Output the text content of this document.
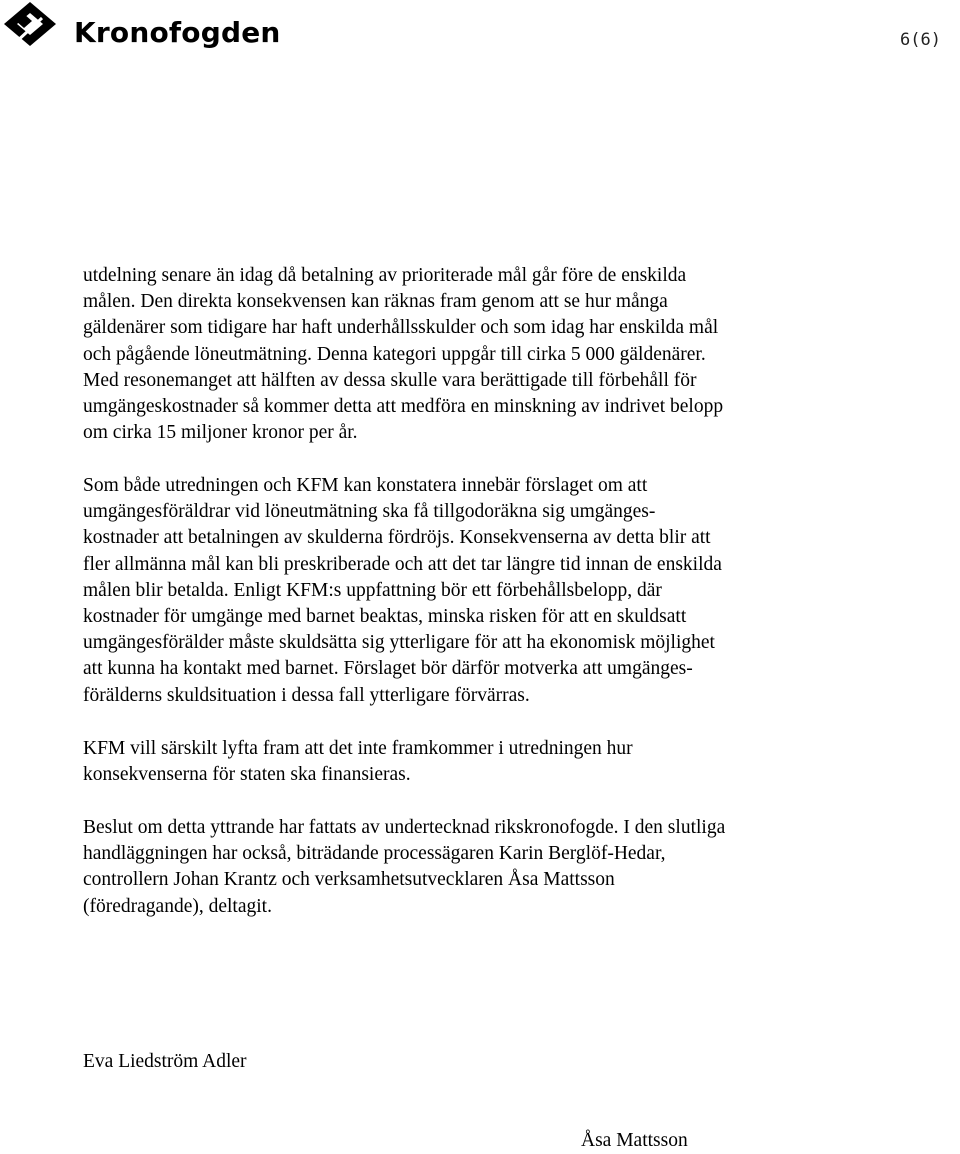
Kronofogden	6(6)
utdelning senare än idag då betalning av prioriterade mål går före de enskilda
målen. Den direkta konsekvensen kan räknas fram genom att se hur många
gäldenärer som tidigare har haft underhållsskulder och som idag har enskilda mål
och pågående löneutmätning. Denna kategori uppgår till cirka 5 000 gäldenärer.
Med resonemanget att hälften av dessa skulle vara berättigade till förbehåll för
umgängeskostnader så kommer detta att medföra en minskning av indrivet belopp
om cirka 15 miljoner kronor per år.
Som både utredningen och KFM kan konstatera innebär förslaget om att
umgängesföräldrar vid löneutmätning ska få tillgodoräkna sig umgänges-
kostnader att betalningen av skulderna fördröjs. Konsekvenserna av detta blir att
fler allmänna mål kan bli preskriberade och att det tar längre tid innan de enskilda
målen blir betalda. Enligt KFM:s uppfattning bör ett förbehållsbelopp, där
kostnader för umgänge med barnet beaktas, minska risken för att en skuldsatt
umgängesförälder måste skuldsätta sig ytterligare för att ha ekonomisk möjlighet
att kunna ha kontakt med barnet. Förslaget bör därför motverka att umgänges-
förälderns skuldsituation i dessa fall ytterligare förvärras.
KFM vill särskilt lyfta fram att det inte framkommer i utredningen hur
konsekvenserna för staten ska finansieras.
Beslut om detta yttrande har fattats av undertecknad rikskronofogde. I den slutliga
handläggningen har också, biträdande processägaren Karin Berglöf-Hedar,
controllern Johan Krantz och verksamhetsutvecklaren Åsa Mattsson
(föredragande), deltagit.
Eva Liedström Adler
Åsa Mattsson
